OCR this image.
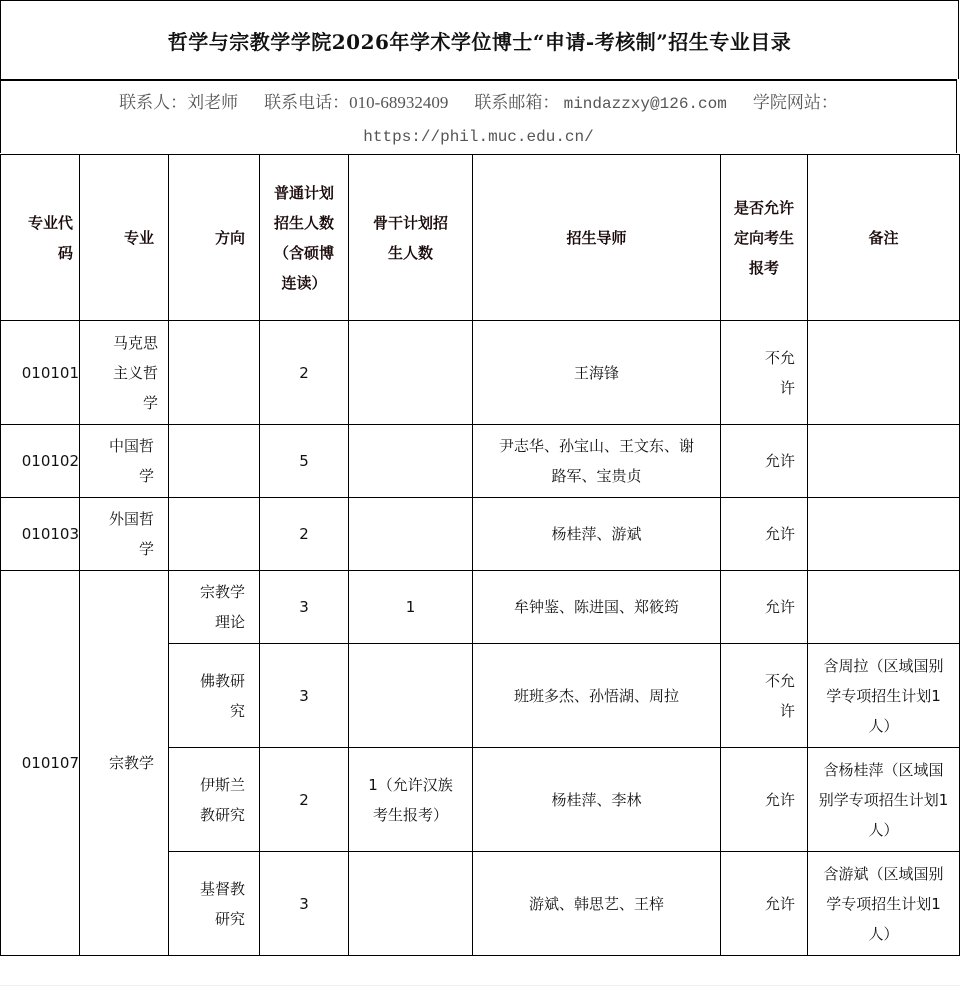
哲学与宗教学学院2026年学术学位博士“申请-考核制”招生专业目录
联系人：刘老师 联系电话：010-68932409 联系邮箱： mindazzxy@126.com 学院网站：
https://phil.muc.edu.cn/
专业代码	专业	方向	普通计划招生人数（含硕博连读）	骨干计划招生人数	招生导师	是否允许定向考生报考	备注
010101	马克思主义哲学		2		王海锋	不允许	
010102	中国哲学		5		尹志华、孙宝山、王文东、谢路军、宝贵贞	允许	
010103	外国哲学		2		杨桂萍、游斌	允许	
010107	宗教学	宗教学理论	3	1	牟钟鉴、陈进国、郑筱筠	允许	
		佛教研究	3		班班多杰、孙悟湖、周拉	不允许	含周拉（区域国别学专项招生计划1人）
		伊斯兰教研究	2	1（允许汉族考生报考）	杨桂萍、李林	允许	含杨桂萍（区域国别学专项招生计划1人）
		基督教研究	3		游斌、韩思艺、王梓	允许	含游斌（区域国别学专项招生计划1人）
